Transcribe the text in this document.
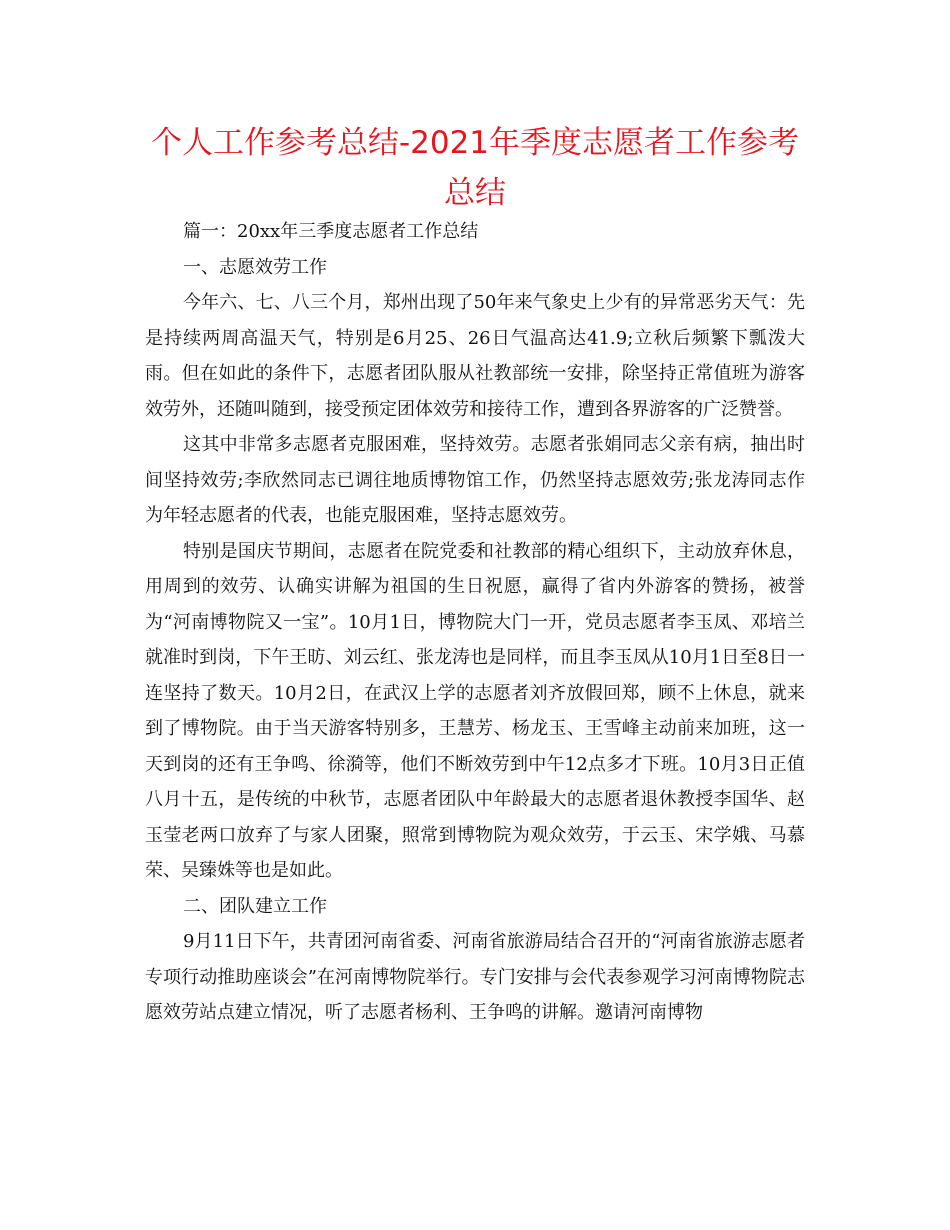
个人工作参考总结-2021年季度志愿者工作参考
总结

篇一：20xx年三季度志愿者工作总结

一、志愿效劳工作

今年六、七、八三个月，郑州出现了50年来气象史上少有的异常恶劣天气：先是持续两周高温天气，特别是6月25、26日气温高达41.9;立秋后频繁下瓢泼大雨。但在如此的条件下，志愿者团队服从社教部统一安排，除坚持正常值班为游客效劳外，还随叫随到，接受预定团体效劳和接待工作，遭到各界游客的广泛赞誉。

这其中非常多志愿者克服困难，坚持效劳。志愿者张娟同志父亲有病，抽出时间坚持效劳;李欣然同志已调往地质博物馆工作，仍然坚持志愿效劳;张龙涛同志作为年轻志愿者的代表，也能克服困难，坚持志愿效劳。

特别是国庆节期间，志愿者在院党委和社教部的精心组织下，主动放弃休息，用周到的效劳、认确实讲解为祖国的生日祝愿，赢得了省内外游客的赞扬，被誉为“河南博物院又一宝”。10月1日，博物院大门一开，党员志愿者李玉凤、邓培兰就准时到岗，下午王昉、刘云红、张龙涛也是同样，而且李玉凤从10月1日至8日一连坚持了数天。10月2日，在武汉上学的志愿者刘齐放假回郑，顾不上休息，就来到了博物院。由于当天游客特别多，王慧芳、杨龙玉、王雪峰主动前来加班，这一天到岗的还有王争鸣、徐漪等，他们不断效劳到中午12点多才下班。10月3日正值八月十五，是传统的中秋节，志愿者团队中年龄最大的志愿者退休教授李国华、赵玉莹老两口放弃了与家人团聚，照常到博物院为观众效劳，于云玉、宋学娥、马慕荣、吴臻姝等也是如此。

二、团队建立工作

9月11日下午，共青团河南省委、河南省旅游局结合召开的“河南省旅游志愿者专项行动推助座谈会”在河南博物院举行。专门安排与会代表参观学习河南博物院志愿效劳站点建立情况，听了志愿者杨利、王争鸣的讲解。邀请河南博物
